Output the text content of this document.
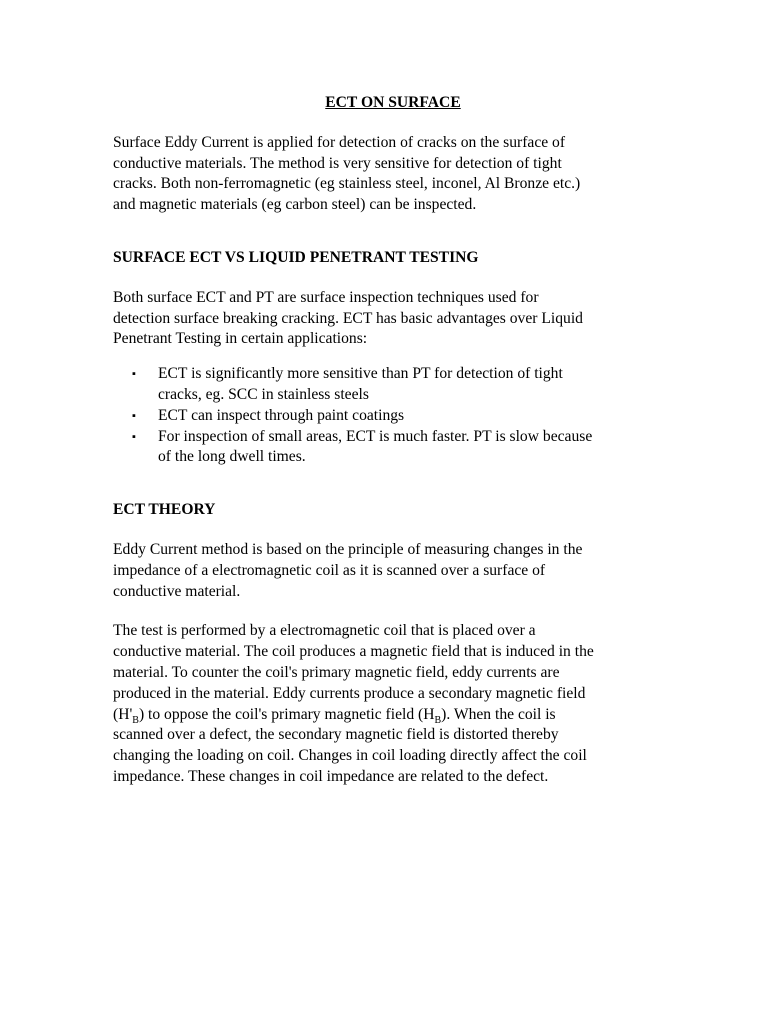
ECT ON SURFACE

Surface Eddy Current is applied for detection of cracks on the surface of
conductive materials. The method is very sensitive for detection of tight
cracks. Both non-ferromagnetic (eg stainless steel, inconel, Al Bronze etc.)
and magnetic materials (eg carbon steel) can be inspected.

SURFACE ECT VS LIQUID PENETRANT TESTING

Both surface ECT and PT are surface inspection techniques used for
detection surface breaking cracking. ECT has basic advantages over Liquid
Penetrant Testing in certain applications:

▪ ECT is significantly more sensitive than PT for detection of tight
cracks, eg. SCC in stainless steels
▪ ECT can inspect through paint coatings
▪ For inspection of small areas, ECT is much faster. PT is slow because
of the long dwell times.

ECT THEORY

Eddy Current method is based on the principle of measuring changes in the
impedance of a electromagnetic coil as it is scanned over a surface of
conductive material.

The test is performed by a electromagnetic coil that is placed over a
conductive material. The coil produces a magnetic field that is induced in the
material. To counter the coil's primary magnetic field, eddy currents are
produced in the material. Eddy currents produce a secondary magnetic field
$(H'_B)$ to oppose the coil's primary magnetic field $(H_B)$. When the coil is
scanned over a defect, the secondary magnetic field is distorted thereby
changing the loading on coil. Changes in coil loading directly affect the coil
impedance. These changes in coil impedance are related to the defect.
